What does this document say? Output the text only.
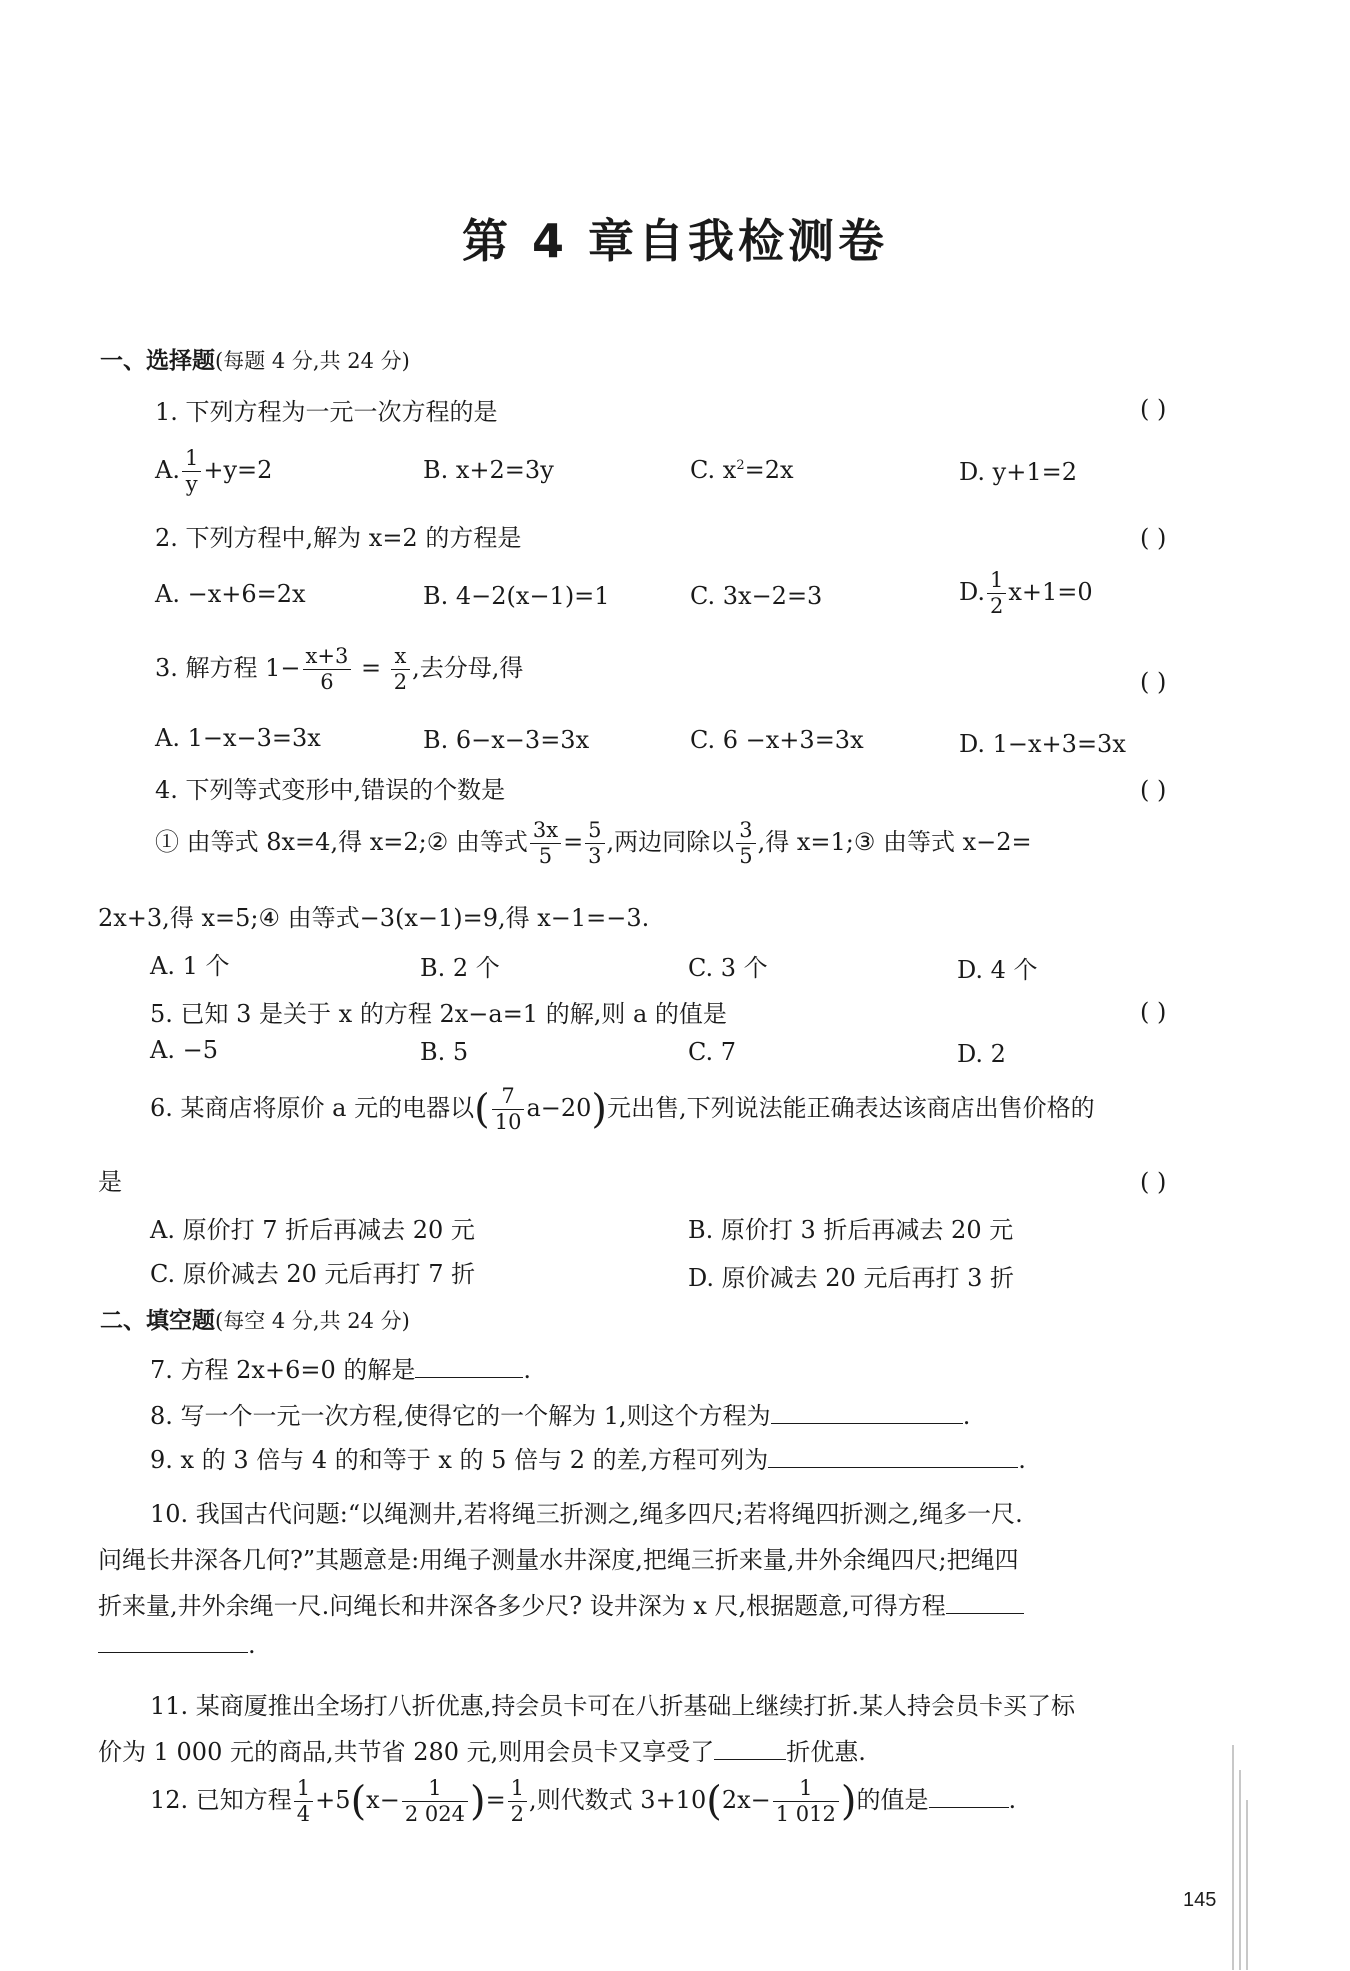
第 4 章自我检测卷
一、选择题(每题 4 分,共 24 分)
1. 下列方程为一元一次方程的是	( )
A. $\frac{1}{y} +y=2$	B. x+2=3y	C. $x^2=2x$	D. y+1=2
2. 下列方程中,解为 x=2 的方程是	( )
A. −x+6=2x	B. 4−2(x−1)=1	C. 3x−2=3	D. $\frac{1}{2} x+1=0$
3. 解方程 $1- \frac{x+3}{6} = \frac{x}{2}$ ,去分母,得	( )
A. 1−x−3=3x	B. 6−x−3=3x	C. 6 −x+3=3x	D. 1−x+3=3x
4. 下列等式变形中,错误的个数是	( )
① 由等式 8x=4,得 x=2;② 由等式 $\frac{3x}{5} = \frac{5}{3}$ ,两边同除以 $\frac{3}{5}$ ,得 x=1;③ 由等式 x−2=
2x+3,得 x=5;④ 由等式−3(x−1)=9,得 x−1=−3.
A. 1 个	B. 2 个	C. 3 个	D. 4 个
5. 已知 3 是关于 x 的方程 2x−a=1 的解,则 a 的值是	( )
A. −5	B. 5	C. 7	D. 2
6. 某商店将原价 a 元的电器以( $\frac{7}{10} a-20$)元出售,下列说法能正确表达该商店出售价格的
是	( )
A. 原价打 7 折后再减去 20 元	B. 原价打 3 折后再减去 20 元
C. 原价减去 20 元后再打 7 折	D. 原价减去 20 元后再打 3 折
二、填空题(每空 4 分,共 24 分)
7. 方程 2x+6=0 的解是	.
8. 写一个一元一次方程,使得它的一个解为 1,则这个方程为	.
9. x 的 3 倍与 4 的和等于 x 的 5 倍与 2 的差,方程可列为	.
10. 我国古代问题:“以绳测井,若将绳三折测之,绳多四尺;若将绳四折测之,绳多一尺.
问绳长井深各几何?”其题意是:用绳子测量水井深度,把绳三折来量,井外余绳四尺;把绳四
折来量,井外余绳一尺.问绳长和井深各多少尺? 设井深为 x 尺,根据题意,可得方程
.
11. 某商厦推出全场打八折优惠,持会员卡可在八折基础上继续打折.某人持会员卡买了标
价为 1 000 元的商品,共节省 280 元,则用会员卡又享受了	折优惠.
12. 已知方程 $\frac{1}{4} +5(x- \frac{1}{2 024}$ )= $\frac{1}{2}$ ,则代数式 $3+10(2x- \frac{1}{1 012}$ )的值是	.
145
